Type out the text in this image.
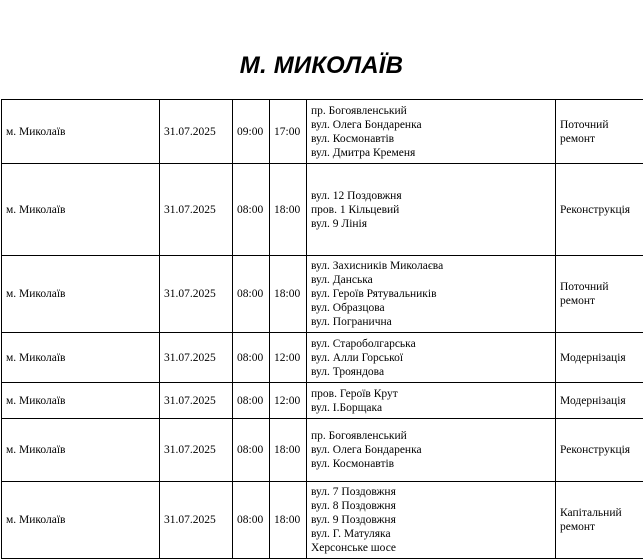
М. МИКОЛАЇВ
м. Миколаїв	31.07.2025	09:00	17:00	пр. Богоявленський
вул. Олега Бондаренка
вул. Космонавтів
вул. Дмитра Кременя	Поточний ремонт
м. Миколаїв	31.07.2025	08:00	18:00	вул. 12 Поздовжня
пров. 1 Кільцевий
вул. 9 Лінія	Реконструкція
м. Миколаїв	31.07.2025	08:00	18:00	вул. Захисників Миколаєва
вул. Данська
вул. Героїв Рятувальників
вул. Образцова
вул. Погранична	Поточний ремонт
м. Миколаїв	31.07.2025	08:00	12:00	вул. Староболгарська
вул. Алли Горської
вул. Трояндова	Модернізація
м. Миколаїв	31.07.2025	08:00	12:00	пров. Героїв Крут
вул. І.Борщака	Модернізація
м. Миколаїв	31.07.2025	08:00	18:00	пр. Богоявленський
вул. Олега Бондаренка
вул. Космонавтів	Реконструкція
м. Миколаїв	31.07.2025	08:00	18:00	вул. 7 Поздовжня
вул. 8 Поздовжня
вул. 9 Поздовжня
вул. Г. Матуляка
Херсонське шосе	Капітальний ремонт
